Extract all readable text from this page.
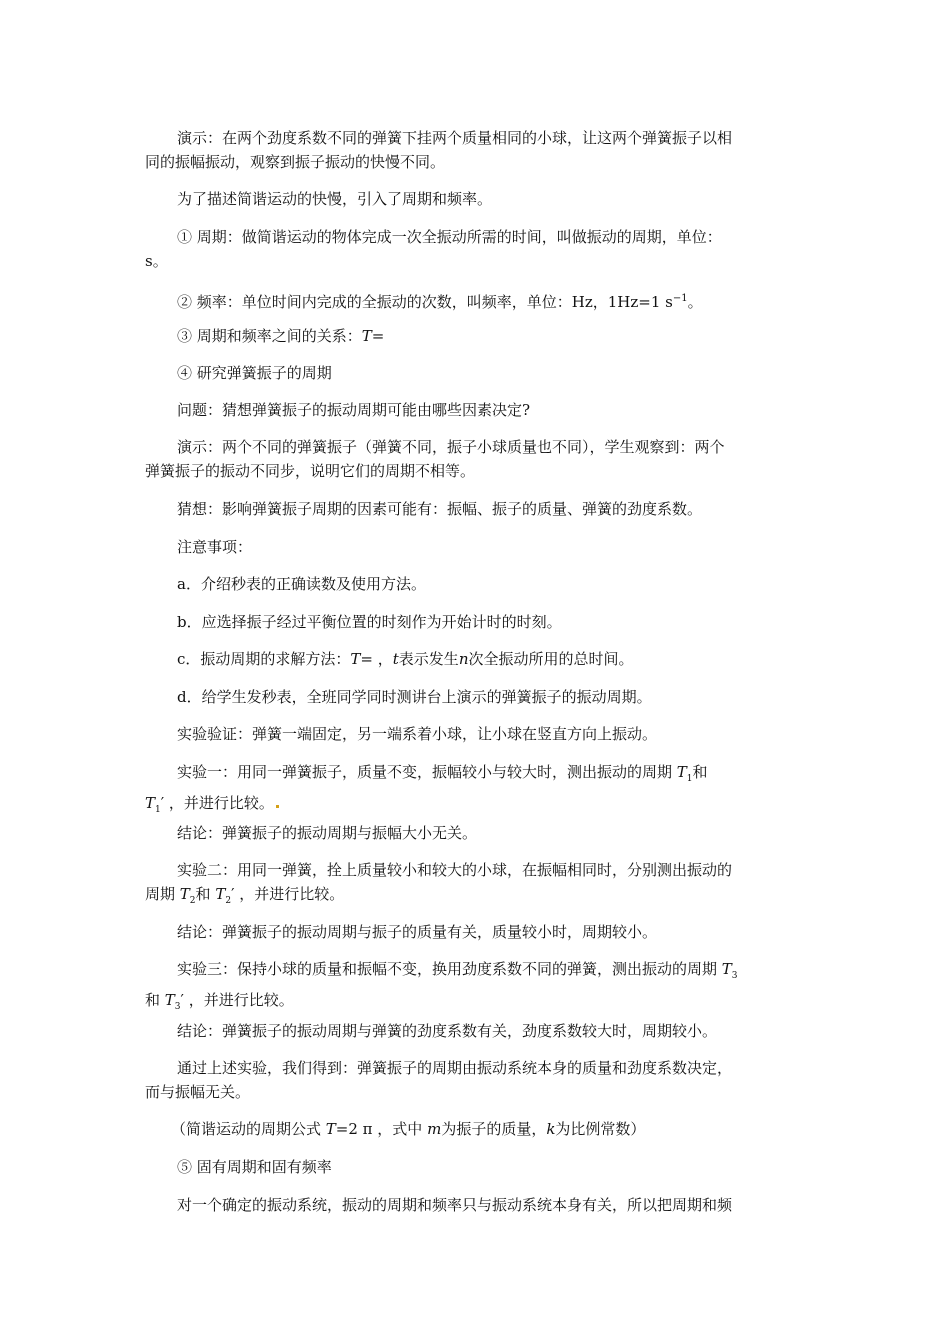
演示：在两个劲度系数不同的弹簧下挂两个质量相同的小球，让这两个弹簧振子以相
同的振幅振动，观察到振子振动的快慢不同。

为了描述简谐运动的快慢，引入了周期和频率。

① 周期：做简谐运动的物体完成一次全振动所需的时间，叫做振动的周期，单位：
s。

② 频率：单位时间内完成的全振动的次数，叫频率，单位：Hz，1Hz=1 $s^{-1}$。

③ 周期和频率之间的关系：T=

④ 研究弹簧振子的周期

问题：猜想弹簧振子的振动周期可能由哪些因素决定?

演示：两个不同的弹簧振子（弹簧不同，振子小球质量也不同），学生观察到：两个
弹簧振子的振动不同步，说明它们的周期不相等。

猜想：影响弹簧振子周期的因素可能有：振幅、振子的质量、弹簧的劲度系数。

注意事项：

a．介绍秒表的正确读数及使用方法。

b．应选择振子经过平衡位置的时刻作为开始计时的时刻。

c．振动周期的求解方法：T= ，t表示发生n次全振动所用的总时间。

d．给学生发秒表，全班同学同时测讲台上演示的弹簧振子的振动周期。

实验验证：弹簧一端固定，另一端系着小球，让小球在竖直方向上振动。

实验一：用同一弹簧振子，质量不变，振幅较小与较大时，测出振动的周期 $T_1$和
$T_1'$ ，并进行比较。

结论：弹簧振子的振动周期与振幅大小无关。

实验二：用同一弹簧，拴上质量较小和较大的小球，在振幅相同时，分别测出振动的
周期 $T_2$和 $T_2'$ ，并进行比较。

结论：弹簧振子的振动周期与振子的质量有关，质量较小时，周期较小。

实验三：保持小球的质量和振幅不变，换用劲度系数不同的弹簧，测出振动的周期 $T_3$
和 $T_3'$ ，并进行比较。

结论：弹簧振子的振动周期与弹簧的劲度系数有关，劲度系数较大时，周期较小。

通过上述实验，我们得到：弹簧振子的周期由振动系统本身的质量和劲度系数决定，
而与振幅无关。

（简谐运动的周期公式 T=2 π ，式中 m为振子的质量，k为比例常数）

⑤ 固有周期和固有频率

对一个确定的振动系统，振动的周期和频率只与振动系统本身有关，所以把周期和频
